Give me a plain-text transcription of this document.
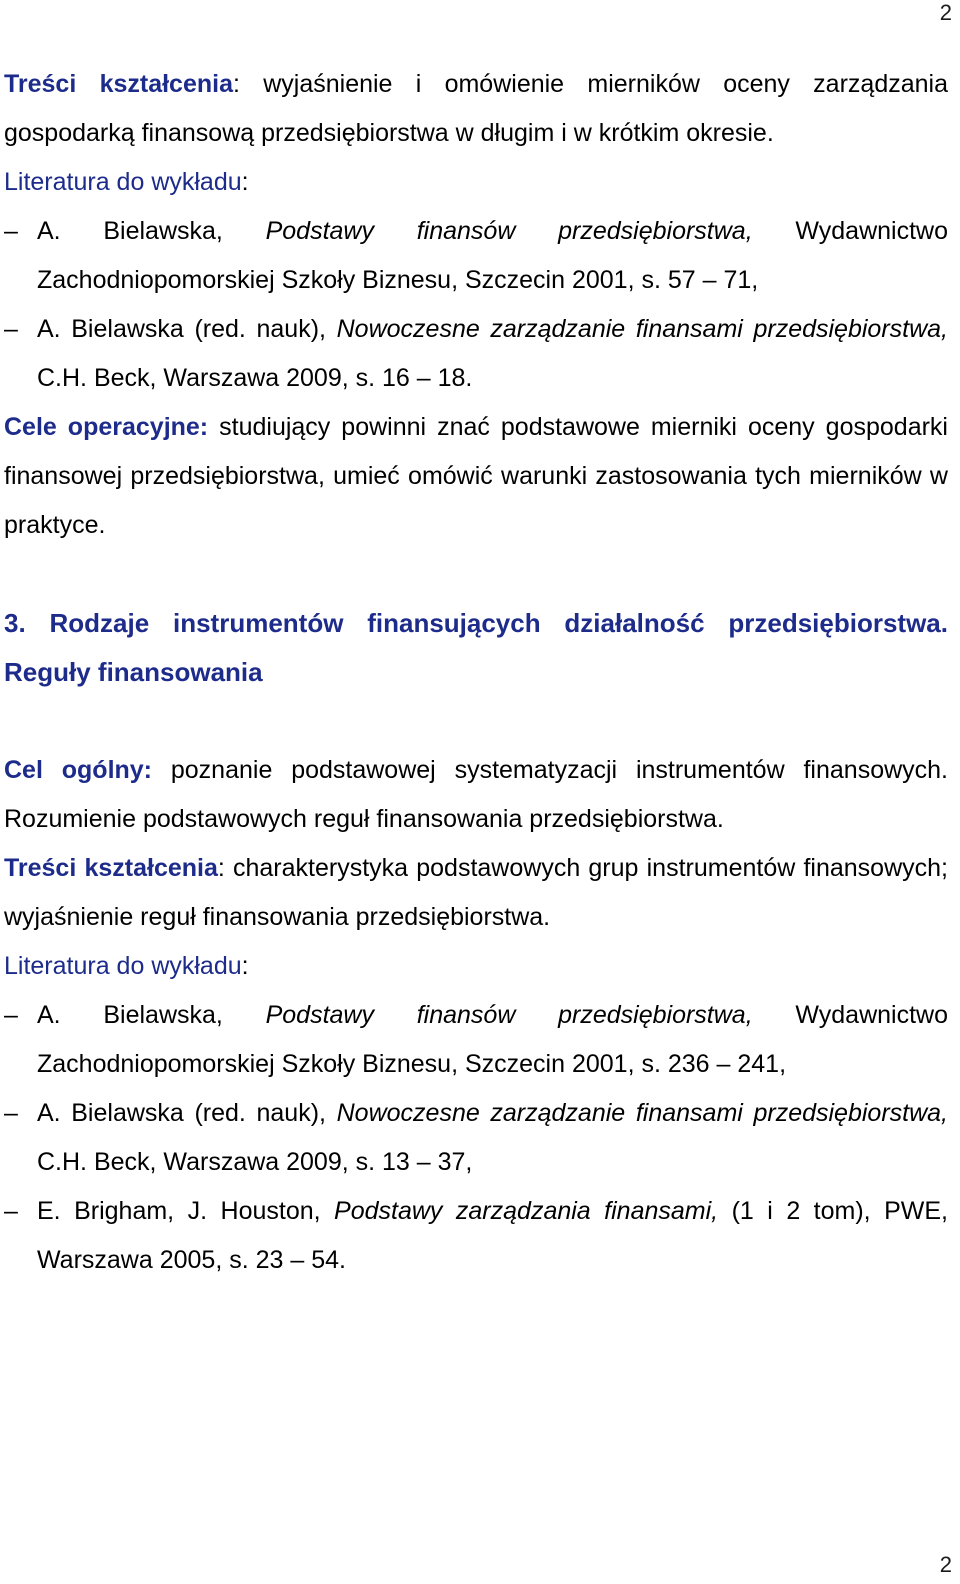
2

Treści kształcenia: wyjaśnienie i omówienie mierników oceny zarządzania gospodarką finansową przedsiębiorstwa w długim i w krótkim okresie.

Literatura do wykładu:

– A. Bielawska, Podstawy finansów przedsiębiorstwa, Wydawnictwo Zachodniopomorskiej Szkoły Biznesu, Szczecin 2001, s. 57 – 71,
– A. Bielawska (red. nauk), Nowoczesne zarządzanie finansami przedsiębiorstwa, C.H. Beck, Warszawa 2009, s. 16 – 18.

Cele operacyjne: studiujący powinni znać podstawowe mierniki oceny gospodarki finansowej przedsiębiorstwa, umieć omówić warunki zastosowania tych mierników w praktyce.

3. Rodzaje instrumentów finansujących działalność przedsiębiorstwa. Reguły finansowania

Cel ogólny: poznanie podstawowej systematyzacji instrumentów finansowych. Rozumienie podstawowych reguł finansowania przedsiębiorstwa.

Treści kształcenia: charakterystyka podstawowych grup instrumentów finansowych; wyjaśnienie reguł finansowania przedsiębiorstwa.

Literatura do wykładu:

– A. Bielawska, Podstawy finansów przedsiębiorstwa, Wydawnictwo Zachodniopomorskiej Szkoły Biznesu, Szczecin 2001, s. 236 – 241,
– A. Bielawska (red. nauk), Nowoczesne zarządzanie finansami przedsiębiorstwa, C.H. Beck, Warszawa 2009, s. 13 – 37,
– E. Brigham, J. Houston, Podstawy zarządzania finansami, (1 i 2 tom), PWE, Warszawa 2005, s. 23 – 54.
2
